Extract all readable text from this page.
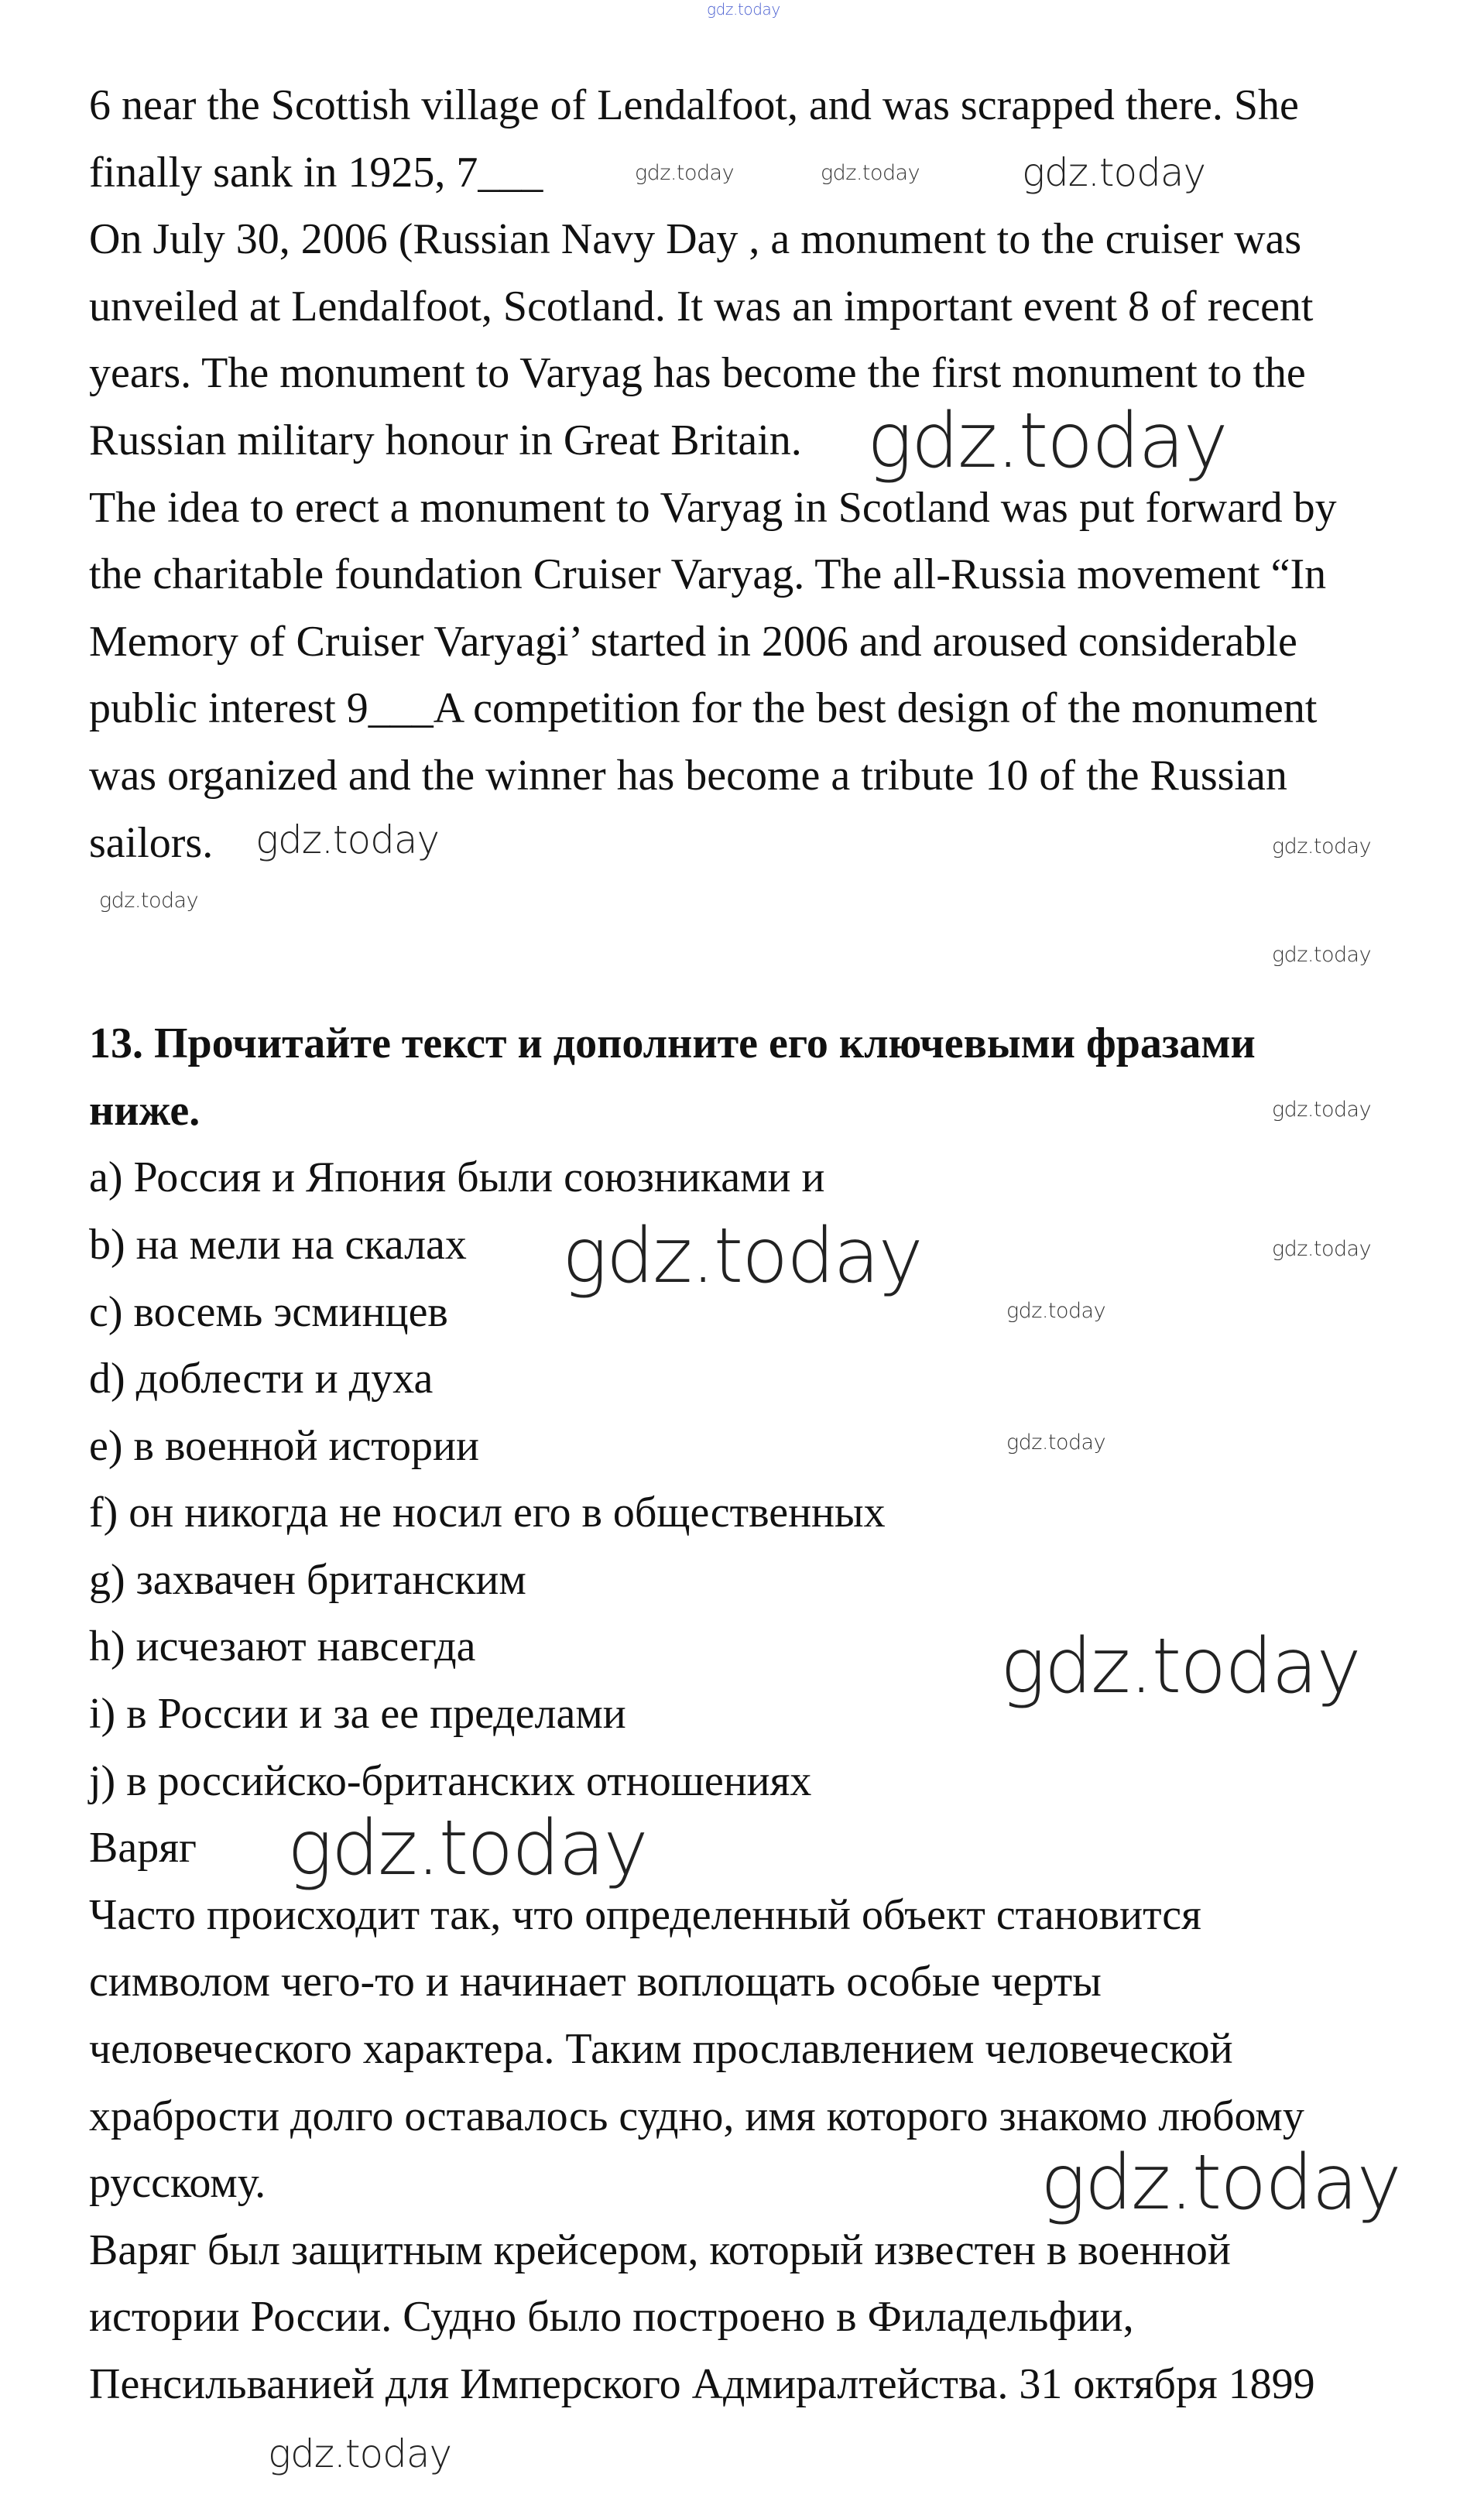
6 near the Scottish village of Lendalfoot, and was scrapped there. She

finally sank in 1925, 7___

On July 30, 2006 (Russian Navy Day , a monument to the cruiser was

unveiled at Lendalfoot, Scotland. It was an important event 8 of recent

years. The monument to Varyag has become the first monument to the

Russian military honour in Great Britain.

The idea to erect a monument to Varyag in Scotland was put forward by

the charitable foundation Cruiser Varyag. The all-Russia movement “In

Memory of Cruiser Varyagi’ started in 2006 and aroused considerable

public interest 9___A competition for the best design of the monument

was organized and the winner has become a tribute 10 of the Russian

sailors.

13. Прочитайте текст и дополните его ключевыми фразами

ниже.

a) Россия и Япония были союзниками и

b) на мели на скалах

c) восемь эсминцев

d) доблести и духа

e) в военной истории

f) он никогда не носил его в общественных

g) захвачен британским

h) исчезают навсегда

i) в России и за ее пределами

j) в российско-британских отношениях

Варяг

Часто происходит так, что определенный объект становится

символом чего-то и начинает воплощать особые черты

человеческого характера. Таким прославлением человеческой

храбрости долго оставалось судно, имя которого знакомо любому

русскому.

Варяг был защитным крейсером, который известен в военной

истории России. Судно было построено в Филадельфии,

Пенсильванией для Имперского Адмиралтейства. 31 октября 1899

gdz.today
gdz.today	gdz.today	gdz.today
gdz.today
gdz.today	gdz.today
gdz.today
gdz.today
gdz.today
gdz.today
gdz.today
gdz.today
gdz.today
gdz.today
gdz.today
gdz.today
gdz.today
